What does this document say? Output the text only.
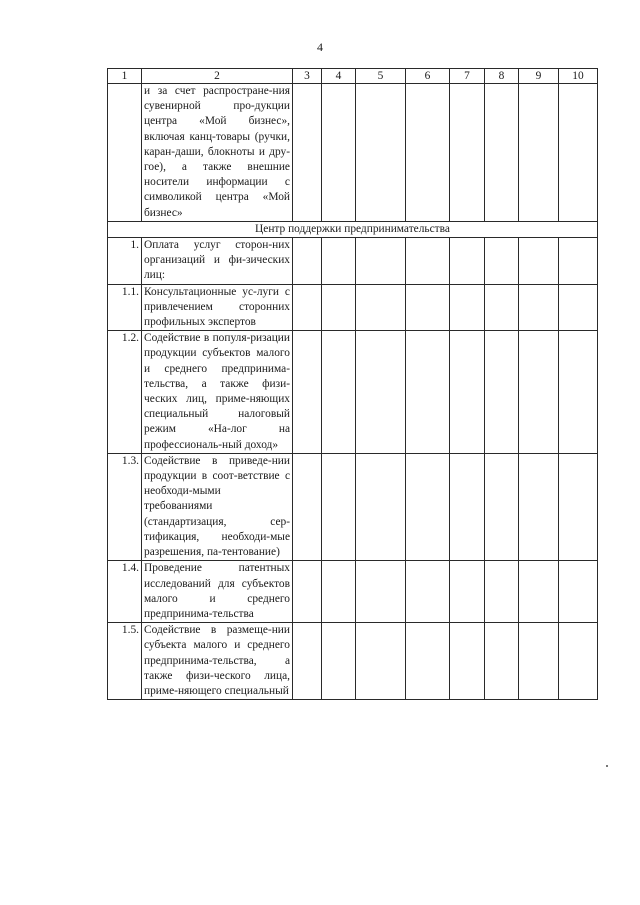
4
1	2	3	4	5	6	7	8	9	10
	и за счет распростране-ния сувенирной про-дукции центра «Мой бизнес», включая канц-товары (ручки, каран-даши, блокноты и дру-гое), а также внешние носители информации с символикой центра «Мой бизнес»								
Центр поддержки предпринимательства									
1.	Оплата услуг сторон-них организаций и фи-зических лиц:								
1.1.	Консультационные ус-луги с привлечением сторонних профильных экспертов								
1.2.	Содействие в популя-ризации продукции субъектов малого и среднего предпринима-тельства, а также физи-ческих лиц, приме-няющих специальный налоговый режим «На-лог на профессиональ-ный доход»								
1.3.	Содействие в приведе-нии продукции в соот-ветствие с необходи-мыми требованиями (стандартизация, сер-тификация, необходи-мые разрешения, па-тентование)								
1.4.	Проведение патентных исследований для субъектов малого и среднего предпринима-тельства								
1.5.	Содействие в размеще-нии субъекта малого и среднего предпринима-тельства, а также физи-ческого лица, приме-няющего специальный								
